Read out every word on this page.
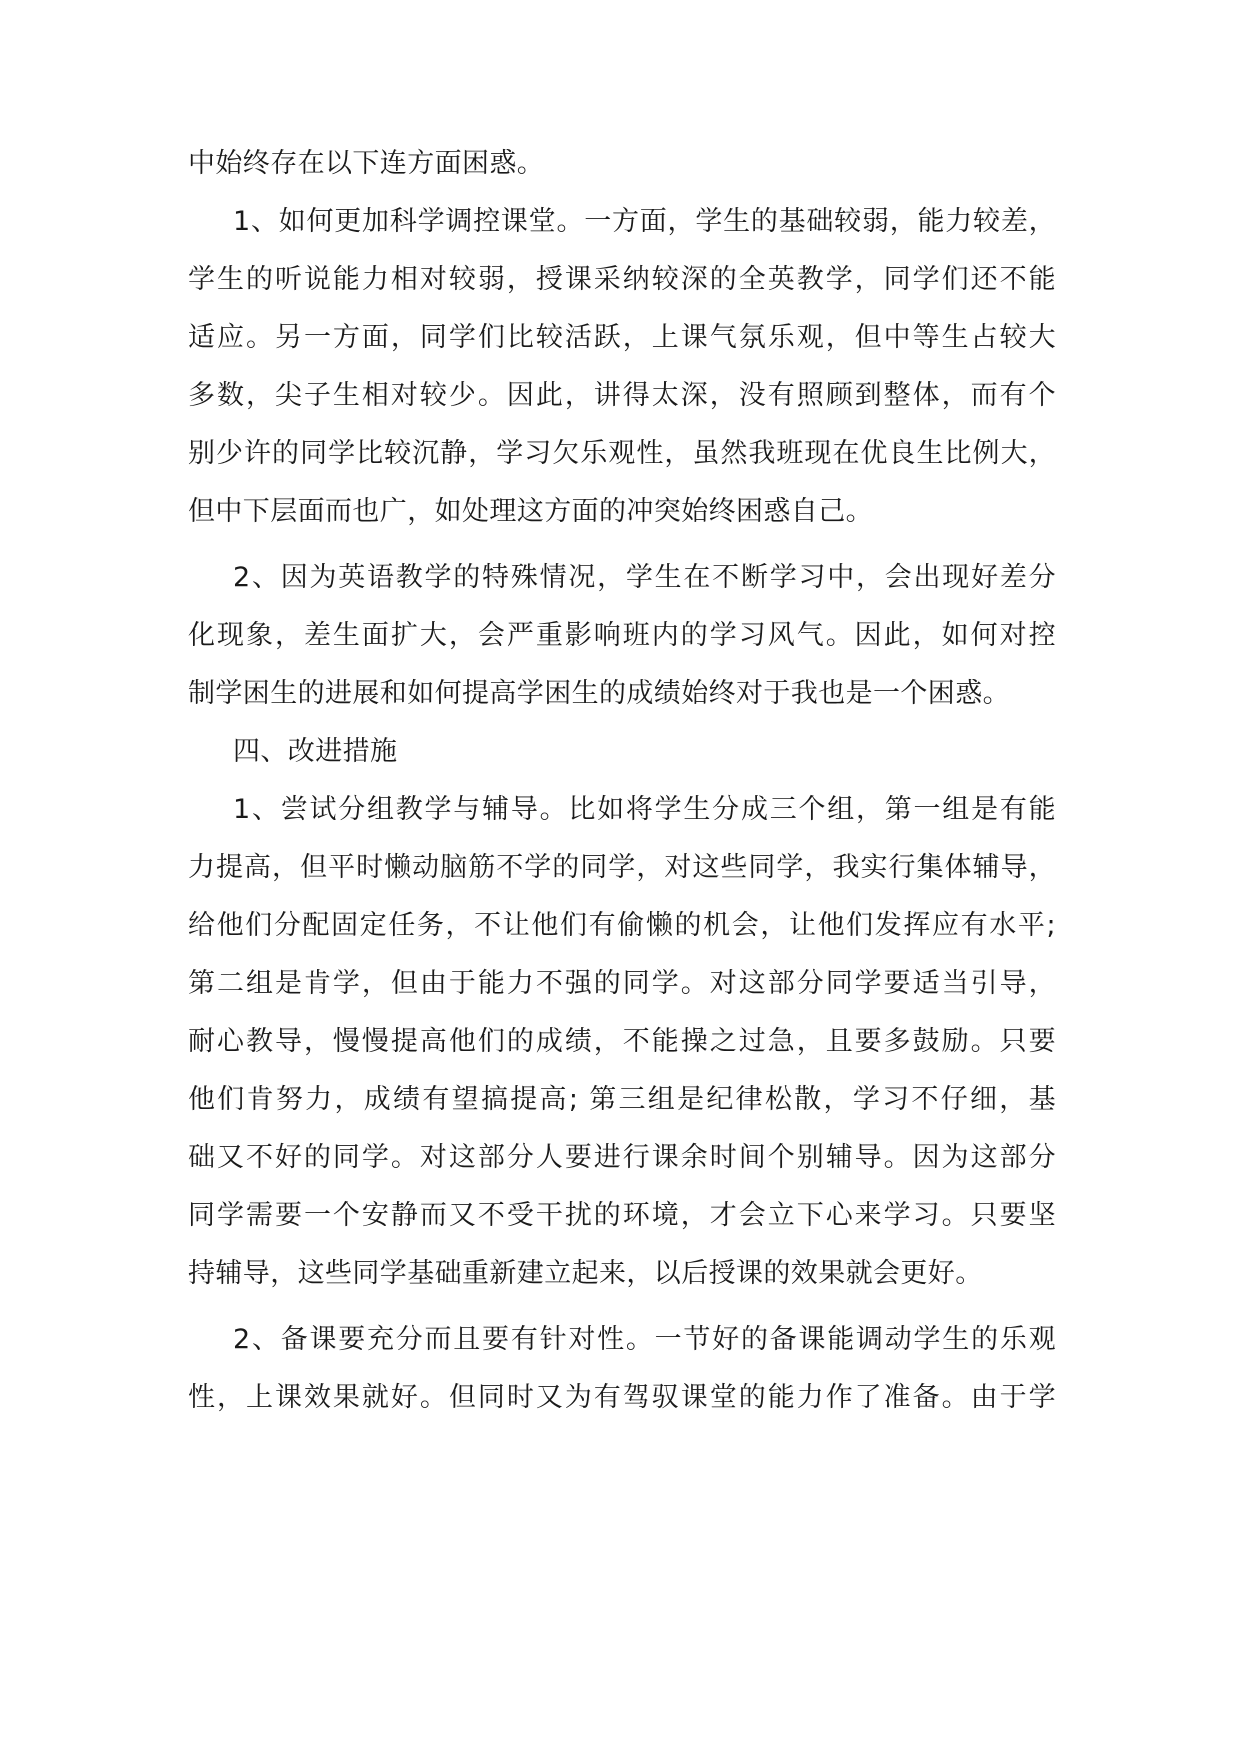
中始终存在以下连方面困惑。
1、如何更加科学调控课堂。一方面，学生的基础较弱，能力较差，
学生的听说能力相对较弱，授课采纳较深的全英教学，同学们还不能
适应。另一方面，同学们比较活跃，上课气氛乐观，但中等生占较大
多数，尖子生相对较少。因此，讲得太深，没有照顾到整体，而有个
别少许的同学比较沉静，学习欠乐观性，虽然我班现在优良生比例大，
但中下层面而也广，如处理这方面的冲突始终困惑自己。
2、因为英语教学的特殊情况，学生在不断学习中，会出现好差分
化现象，差生面扩大，会严重影响班内的学习风气。因此，如何对控
制学困生的进展和如何提高学困生的成绩始终对于我也是一个困惑。
四、改进措施
1、尝试分组教学与辅导。比如将学生分成三个组，第一组是有能
力提高，但平时懒动脑筋不学的同学，对这些同学，我实行集体辅导，
给他们分配固定任务，不让他们有偷懒的机会，让他们发挥应有水平;
第二组是肯学，但由于能力不强的同学。对这部分同学要适当引导，
耐心教导，慢慢提高他们的成绩，不能操之过急，且要多鼓励。只要
他们肯努力，成绩有望搞提高; 第三组是纪律松散，学习不仔细，基
础又不好的同学。对这部分人要进行课余时间个别辅导。因为这部分
同学需要一个安静而又不受干扰的环境，才会立下心来学习。只要坚
持辅导，这些同学基础重新建立起来，以后授课的效果就会更好。
2、备课要充分而且要有针对性。一节好的备课能调动学生的乐观
性，上课效果就好。但同时又为有驾驭课堂的能力作了准备。由于学
